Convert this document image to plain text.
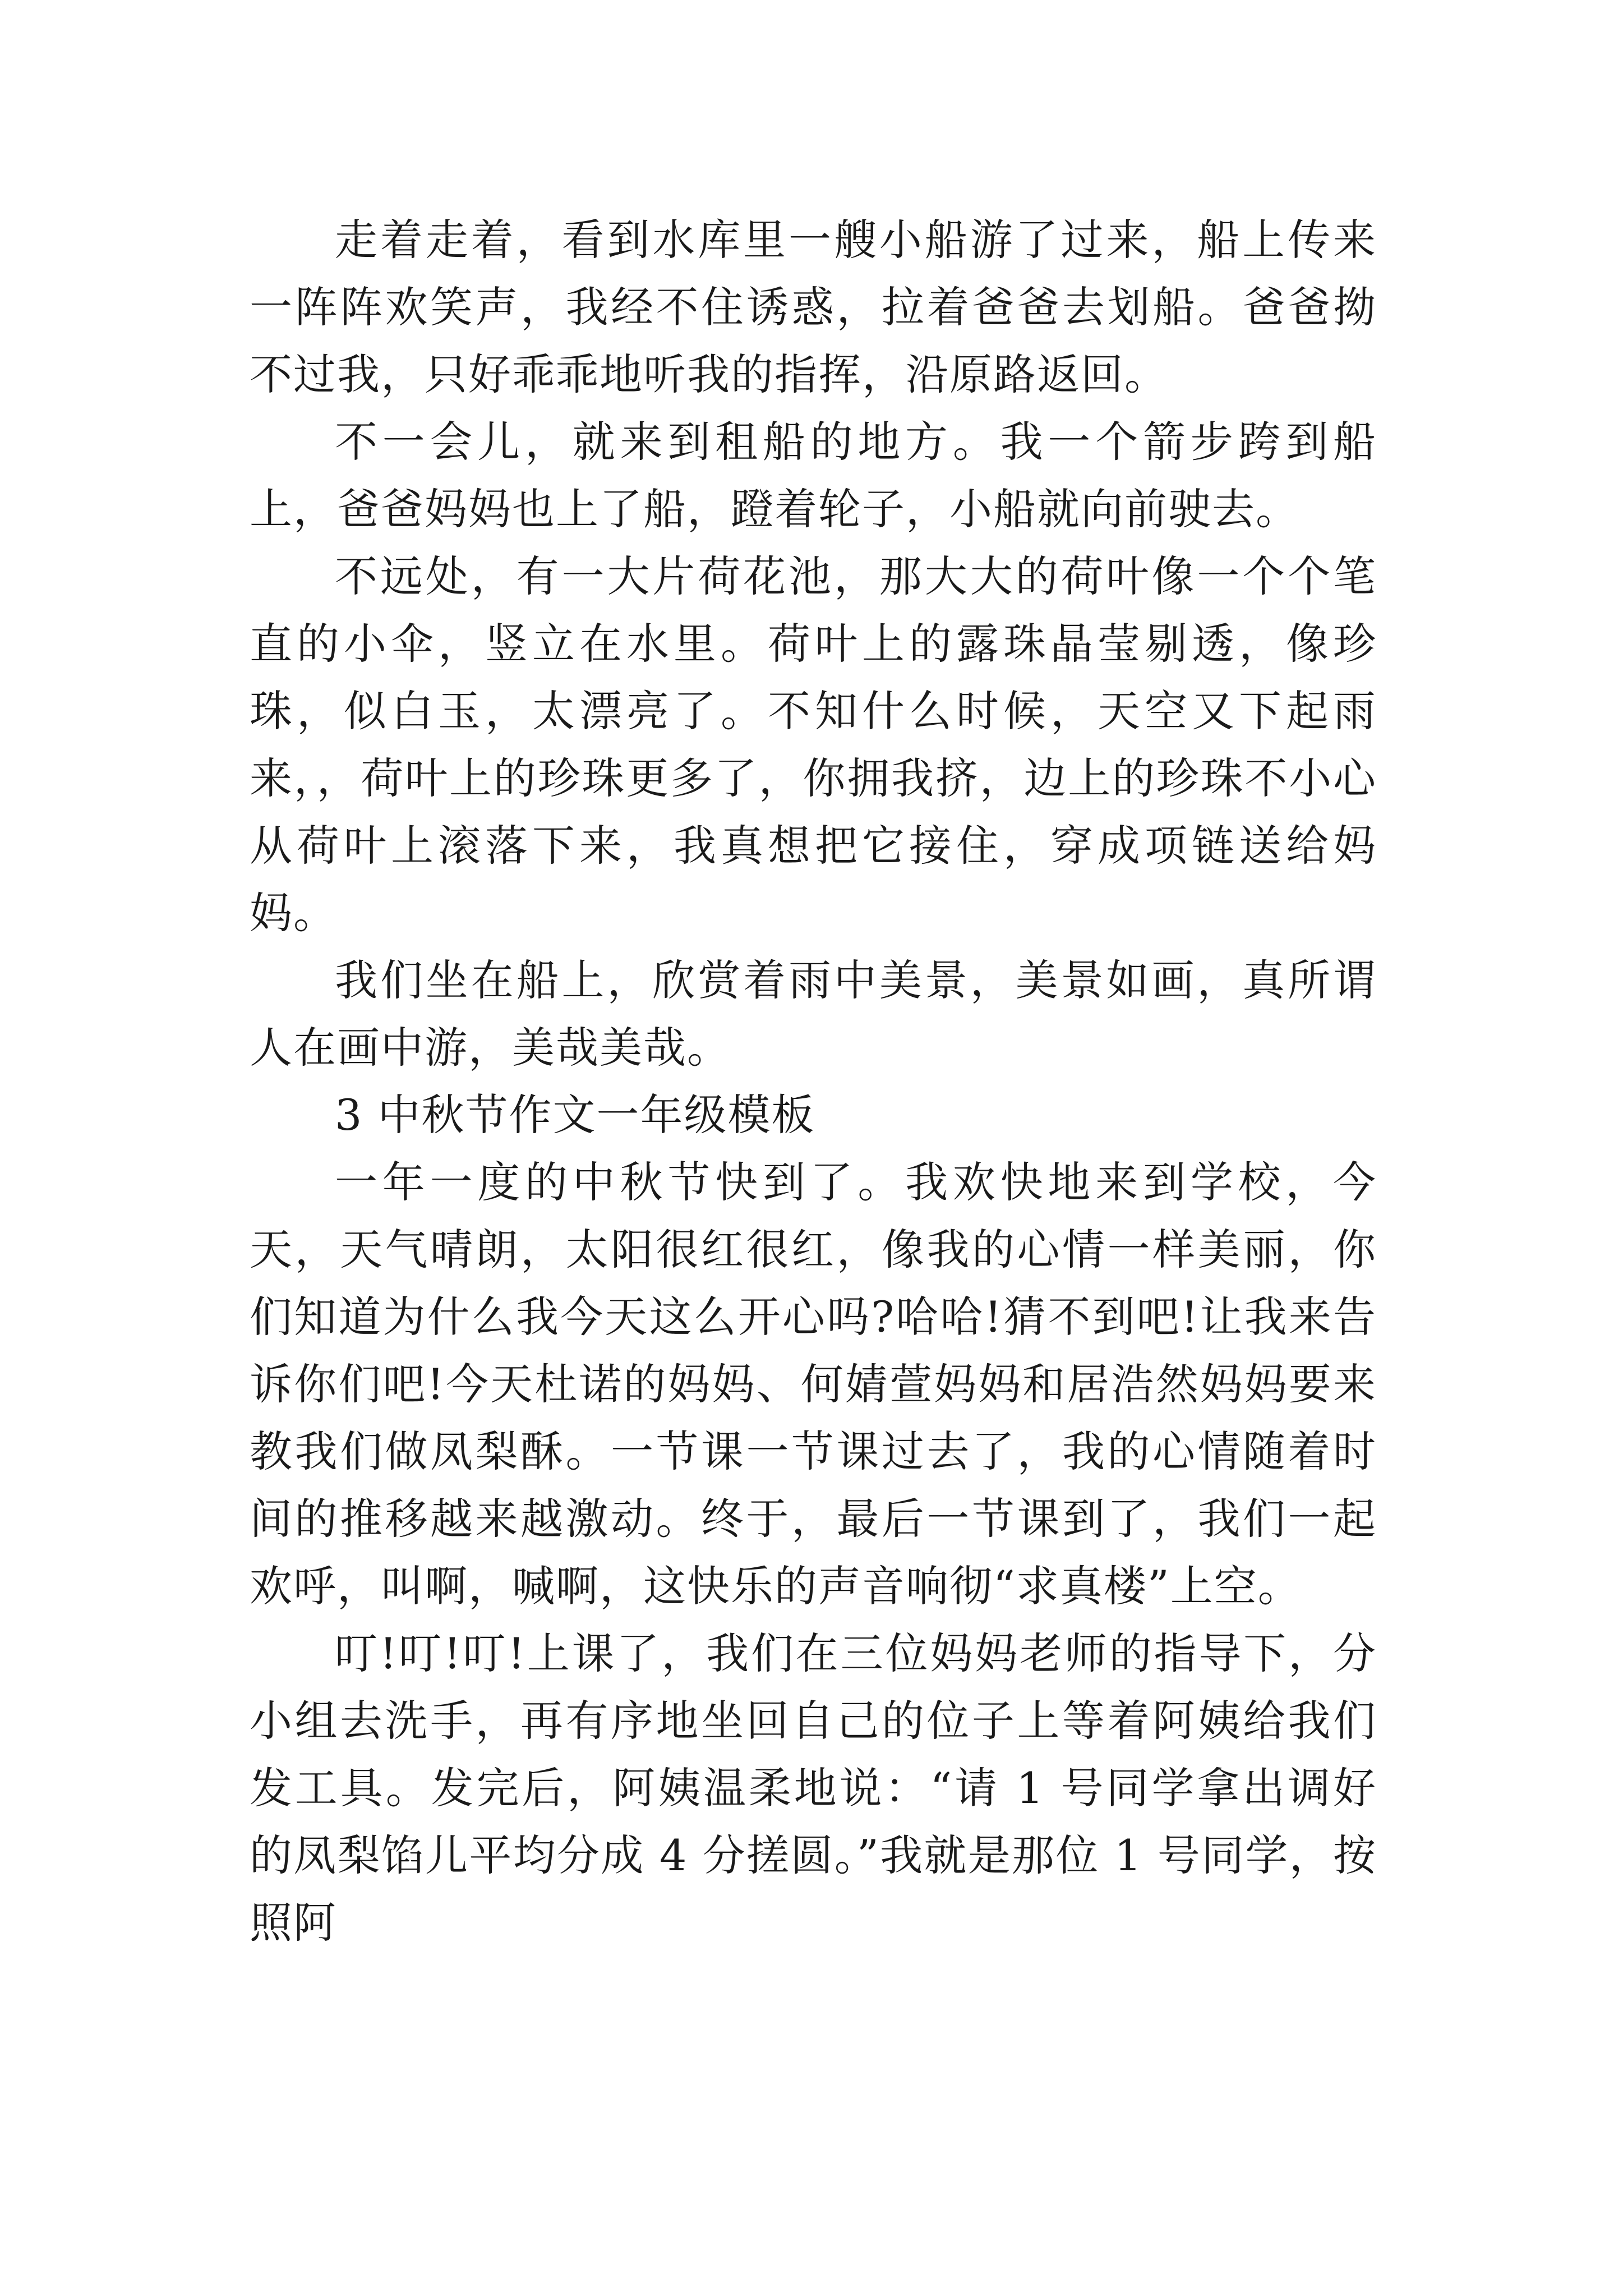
走着走着，看到水库里一艘小船游了过来，船上传来一阵阵欢笑声，我经不住诱惑，拉着爸爸去划船。爸爸拗不过我，只好乖乖地听我的指挥，沿原路返回。

不一会儿，就来到租船的地方。我一个箭步跨到船上，爸爸妈妈也上了船，蹬着轮子，小船就向前驶去。

不远处，有一大片荷花池，那大大的荷叶像一个个笔直的小伞，竖立在水里。荷叶上的露珠晶莹剔透，像珍珠，似白玉，太漂亮了。不知什么时候，天空又下起雨来，，荷叶上的珍珠更多了，你拥我挤，边上的珍珠不小心从荷叶上滚落下来，我真想把它接住，穿成项链送给妈妈。

我们坐在船上，欣赏着雨中美景，美景如画，真所谓人在画中游，美哉美哉。

3 中秋节作文一年级模板

一年一度的中秋节快到了。我欢快地来到学校，今天，天气晴朗，太阳很红很红，像我的心情一样美丽，你们知道为什么我今天这么开心吗?哈哈!猜不到吧!让我来告诉你们吧!今天杜诺的妈妈、何婧萱妈妈和居浩然妈妈要来教我们做凤梨酥。一节课一节课过去了，我的心情随着时间的推移越来越激动。终于，最后一节课到了，我们一起欢呼，叫啊，喊啊，这快乐的声音响彻“求真楼”上空。

叮!叮!叮!上课了，我们在三位妈妈老师的指导下，分小组去洗手，再有序地坐回自己的位子上等着阿姨给我们发工具。发完后，阿姨温柔地说：“请 1 号同学拿出调好的凤梨馅儿平均分成 4 分搓圆。”我就是那位 1 号同学，按照阿
